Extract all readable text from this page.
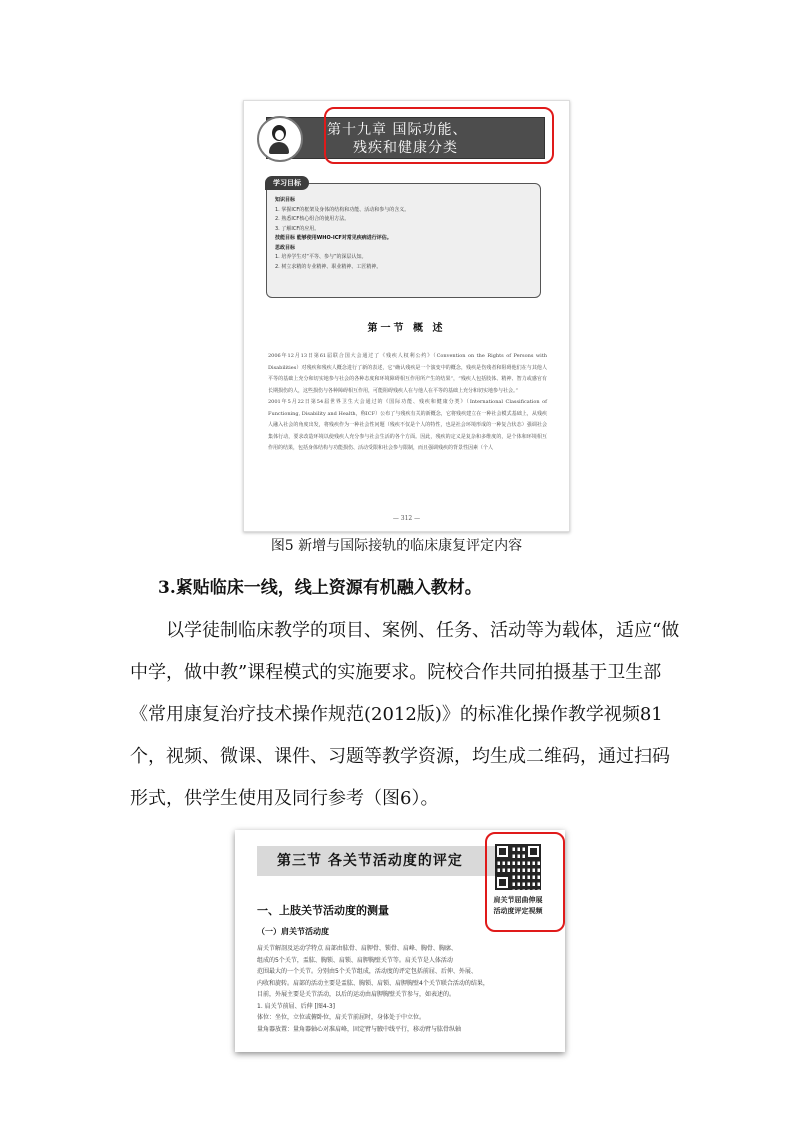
第十九章 国际功能、
残疾和健康分类
学习目标
知识目标
1. 掌握ICF的框架及身体的结构和功能、活动和参与的含义。
2. 熟悉ICF核心组合的使用方法。
3. 了解ICF的应用。
技能目标 能够使用WHO-ICF对常见疾病进行评估。
思政目标
1. 培养学生对“平等、参与”的深层认知。
2. 树立求精的专业精神、职业精神、工匠精神。
第一节 概 述

2006年12月13日第61届联合国大会通过了《残疾人权利公约》（Convention on the Rights of Persons with Disabilities）对残疾和残疾人概念进行了新的表述，它“确认残疾是一个演变中的概念，残疾是伤残者和阻碍他们在与其他人平等的基础上充分和切实地参与社会的各种态度和环境障碍相互作用所产生的结果”，“残疾人包括肢体、精神、智力或感官有长期损伤的人，这些损伤与各种障碍相互作用，可能阻碍残疾人在与他人在平等的基础上充分和切实地参与社会。”

2001年5月22日第54届世界卫生大会通过的《国际功能、残疾和健康分类》（International Classification of Functioning, Disability and Health，称ICF）公布了与残疾有关的新概念，它将残疾建立在一种社会模式基础上，从残疾人融入社会的角度出发，将残疾作为一种社会性问题（残疾不仅是个人的特性，也是社会环境形成的一种复合状态）强调社会集体行动，要求改造环境以使残疾人充分参与社会生活的各个方面。因此，残疾的定义是复杂和多维度的，是个体和环境相互作用的结果，包括身体结构与功能损伤、活动受限和社会参与限制，而且强调残疾的背景性因素（个人

— 312 —
图5 新增与国际接轨的临床康复评定内容
3.紧贴临床一线，线上资源有机融入教材。
以学徒制临床教学的项目、案例、任务、活动等为载体，适应“做
中学，做中教”课程模式的实施要求。院校合作共同拍摄基于卫生部
《常用康复治疗技术操作规范(2012版)》的标准化操作教学视频81
个，视频、微课、课件、习题等教学资源，均生成二维码，通过扫码
形式，供学生使用及同行参考（图6）。
第三节 各关节活动度的评定
肩关节屈曲伸展
活动度评定视频
一、上肢关节活动度的测量
（一）肩关节活动度
肩关节解剖及运动学特点 肩部由肱骨、肩胛骨、锁骨、肩峰、胸骨、胸廓、
组成的5个关节，盂肱、胸锁、肩锁、肩胛胸壁关节等。肩关节是人体活动
范围最大的一个关节。分别由5个关节组成，活动度的评定包括前屈、后伸、外展、
内收和旋转。肩部的活动主要是盂肱、胸锁、肩锁、肩胛胸壁4个关节联合活动的结果，
目前，外展主要是关节活动，以后的运动由肩胛胸壁关节参与，如表述的。
1. 肩关节前屈、后伸 [图4-3]
体位：坐位，立位或俯卧位，肩关节前屈时，身体处于中立位。
量角器放置：量角器轴心对准肩峰，固定臂与腋中线平行，移动臂与肱骨纵轴
